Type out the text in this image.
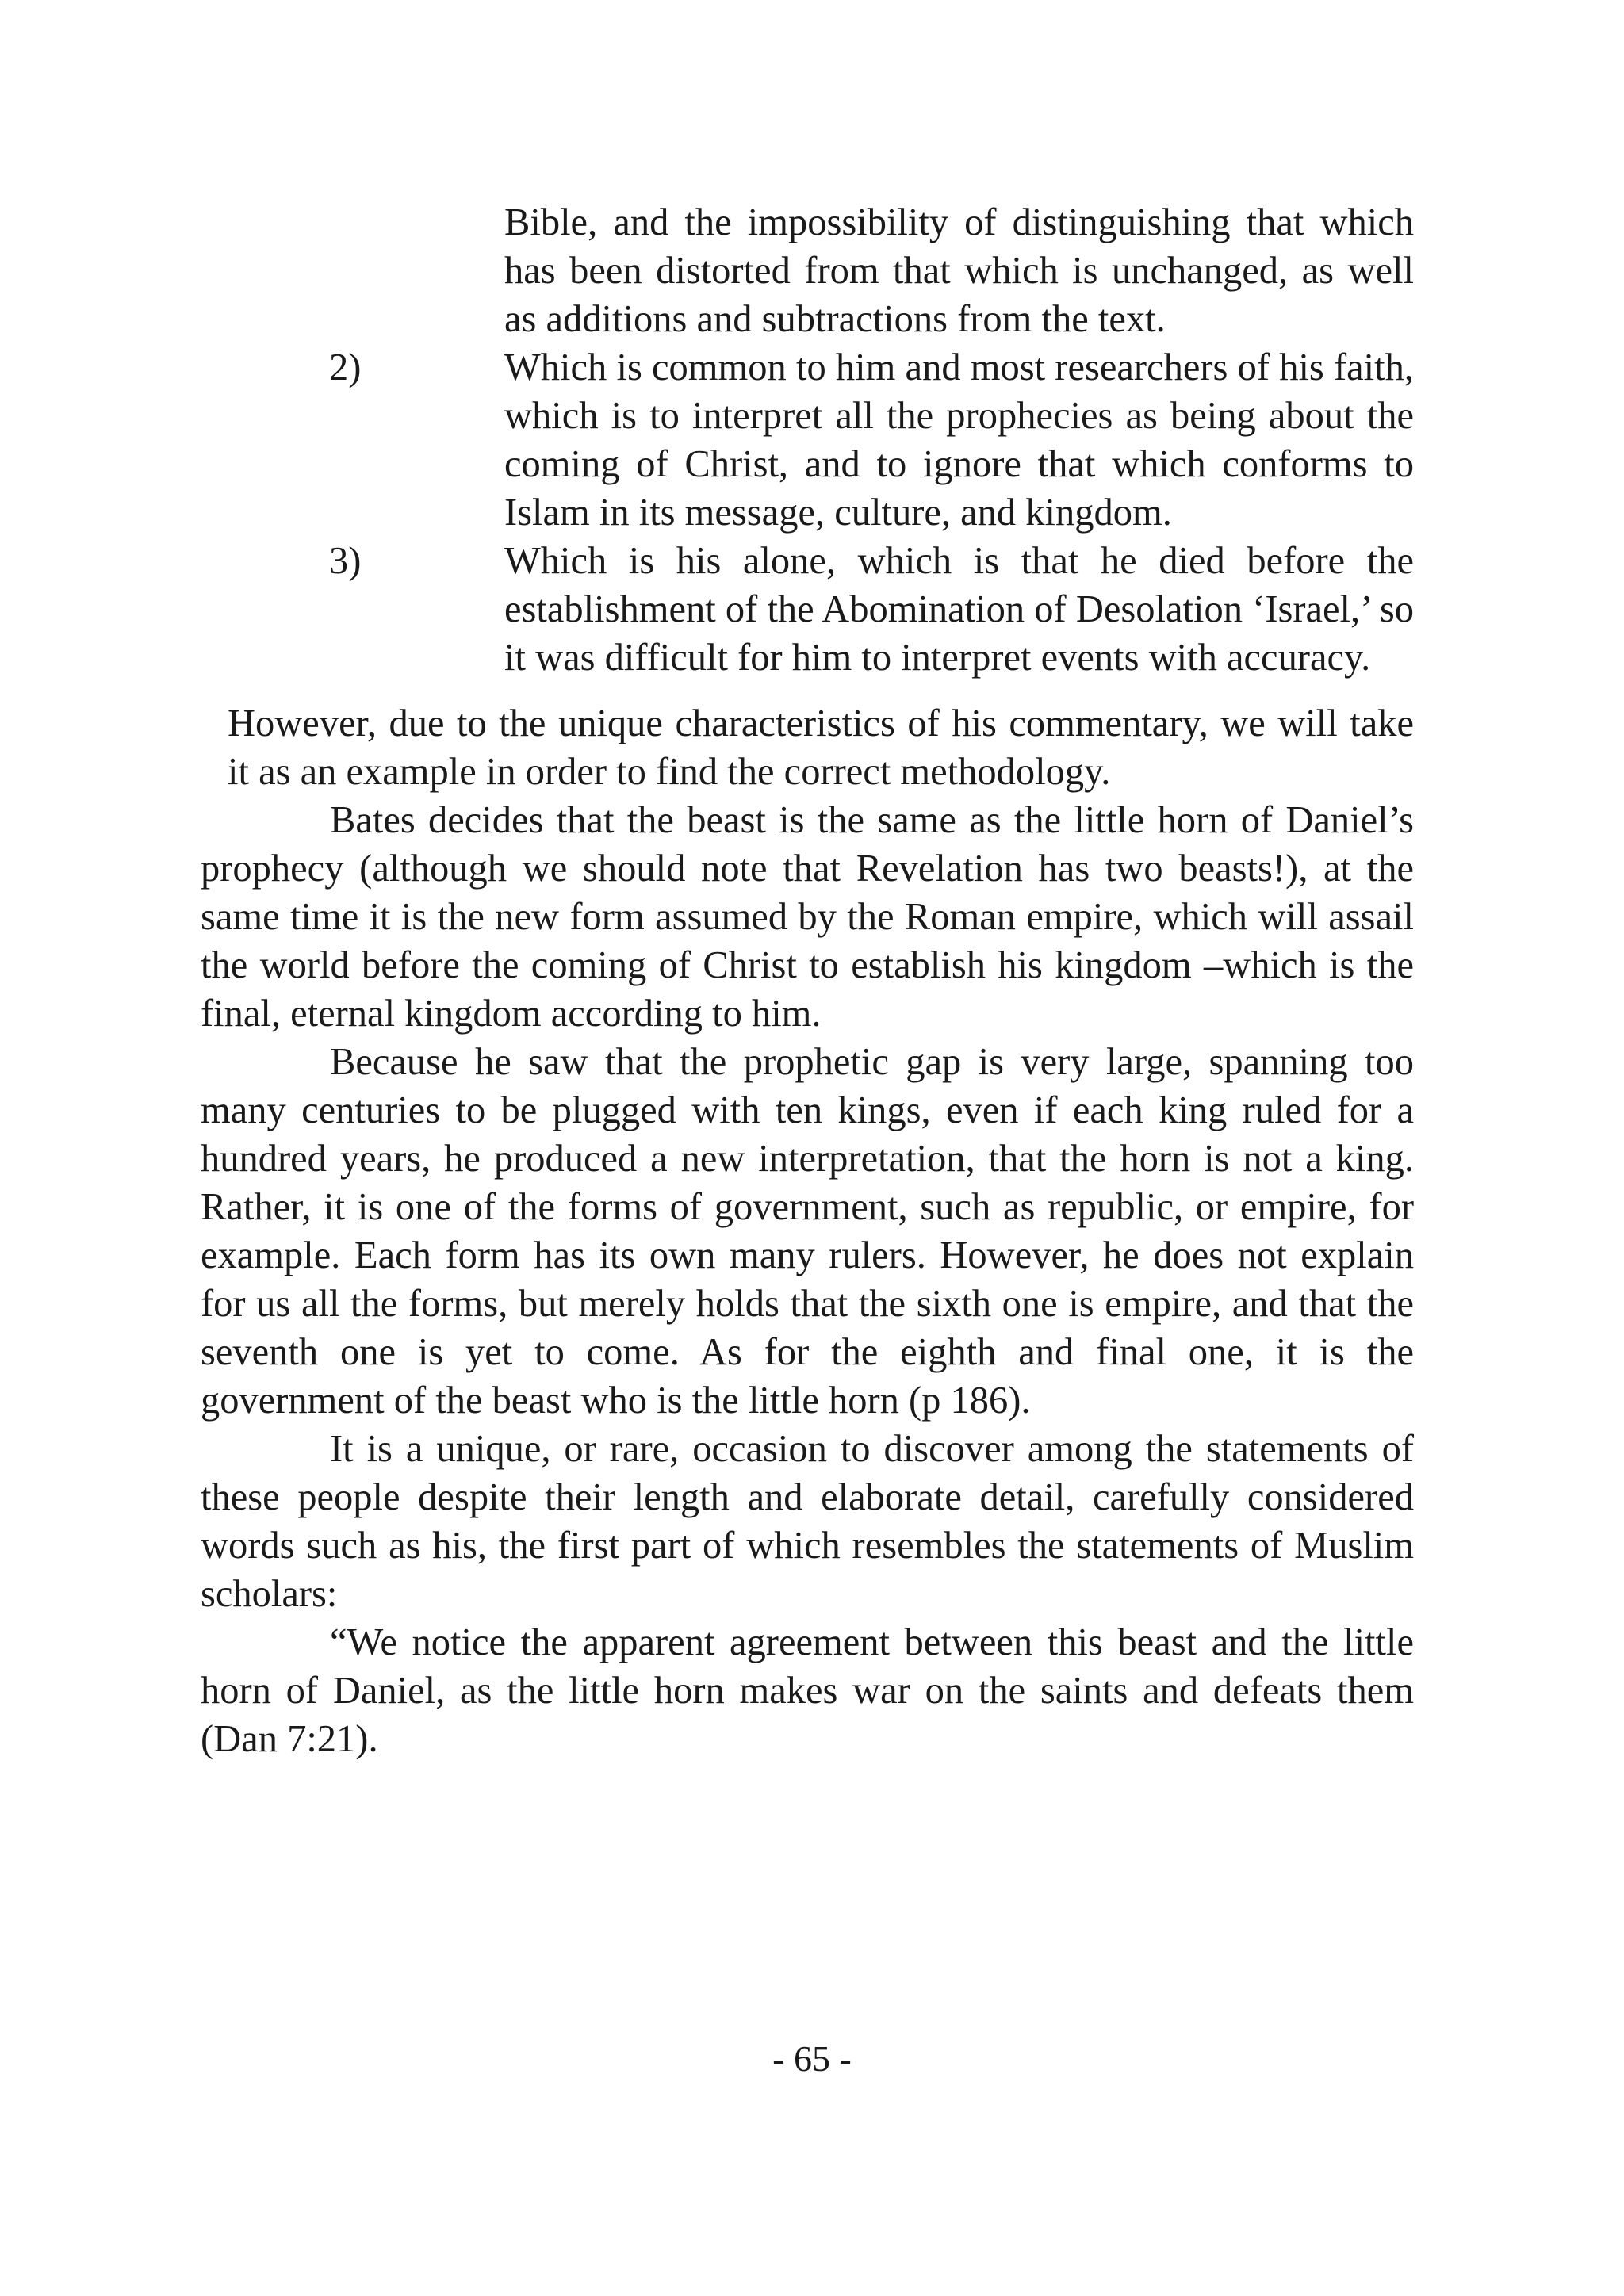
Bible, and the impossibility of distinguishing that which has been distorted from that which is unchanged, as well as additions and subtractions from the text.
2)	Which is common to him and most researchers of his faith, which is to interpret all the prophecies as being about the coming of Christ, and to ignore that which conforms to Islam in its message, culture, and kingdom.
3)	Which is his alone, which is that he died before the establishment of the Abomination of Desolation ‘Israel,’ so it was difficult for him to interpret events with accuracy.
However, due to the unique characteristics of his commentary, we will take it as an example in order to find the correct methodology.
Bates decides that the beast is the same as the little horn of Daniel’s prophecy (although we should note that Revelation has two beasts!), at the same time it is the new form assumed by the Roman empire, which will assail the world before the coming of Christ to establish his kingdom –which is the final, eternal kingdom according to him.
Because he saw that the prophetic gap is very large, spanning too many centuries to be plugged with ten kings, even if each king ruled for a hundred years, he produced a new interpretation, that the horn is not a king. Rather, it is one of the forms of government, such as republic, or empire, for example. Each form has its own many rulers. However, he does not explain for us all the forms, but merely holds that the sixth one is empire, and that the seventh one is yet to come. As for the eighth and final one, it is the government of the beast who is the little horn (p 186).
It is a unique, or rare, occasion to discover among the statements of these people despite their length and elaborate detail, carefully considered words such as his, the first part of which resembles the statements of Muslim scholars:
“We notice the apparent agreement between this beast and the little horn of Daniel, as the little horn makes war on the saints and defeats them (Dan 7:21).
- 65 -
